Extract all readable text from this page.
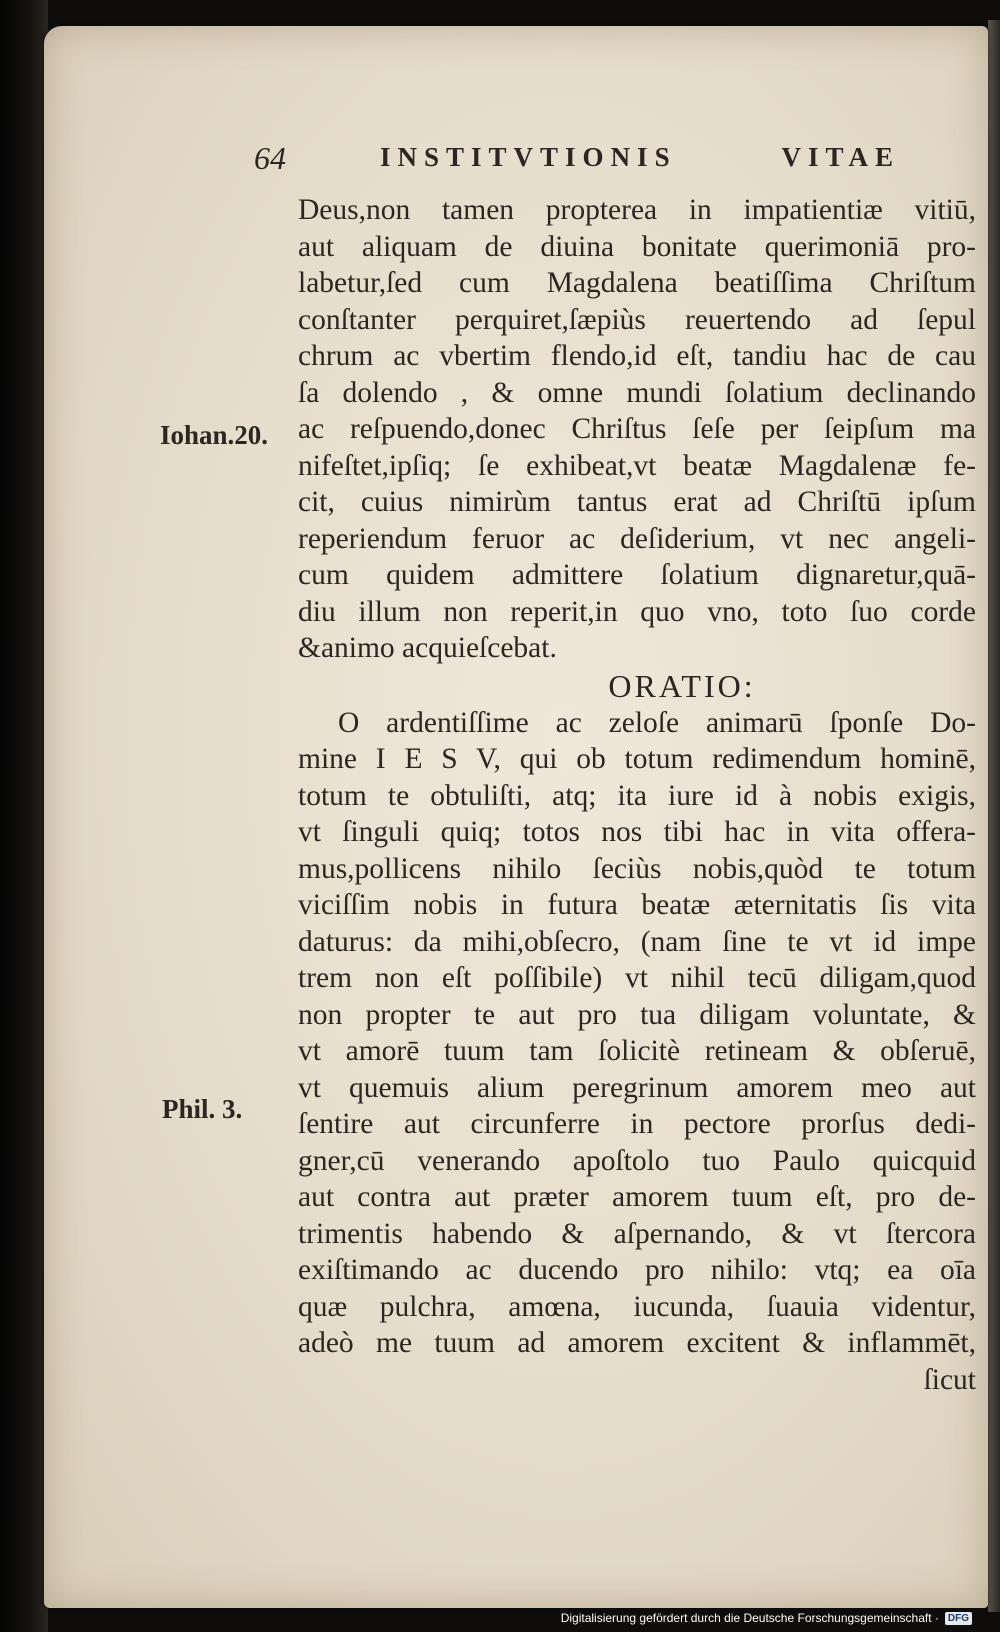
64	INSTITVTIONIS	VITAE
Iohan.20.
Phil. 3.
Deus,non tamen propterea in impatientiæ vitiū,
aut aliquam de diuina bonitate querimoniā pro-
labetur,ſed cum Magdalena beatiſſima Chriſtum
conſtanter perquiret,ſæpiùs reuertendo ad ſepul
chrum ac vbertim flendo,id eſt, tandiu hac de cau
ſa dolendo , & omne mundi ſolatium declinando
ac reſpuendo,donec Chriſtus ſeſe per ſeipſum ma
nifeſtet,ipſiq; ſe exhibeat,vt beatæ Magdalenæ fe-
cit, cuius nimirùm tantus erat ad Chriſtū ipſum
reperiendum feruor ac deſiderium, vt nec angeli-
cum quidem admittere ſolatium dignaretur,quā-
diu illum non reperit,in quo vno, toto ſuo corde
&animo acquieſcebat.
ORATIO:
O ardentiſſime ac zeloſe animarū ſponſe Do-
mine I E S V, qui ob totum redimendum hominē,
totum te obtuliſti, atq; ita iure id à nobis exigis,
vt ſinguli quiq; totos nos tibi hac in vita offera-
mus,pollicens nihilo ſeciùs nobis,quòd te totum
viciſſim nobis in futura beatæ æternitatis ſis vita
daturus: da mihi,obſecro, (nam ſine te vt id impe
trem non eſt poſſibile) vt nihil tecū diligam,quod
non propter te aut pro tua diligam voluntate, &
vt amorē tuum tam ſolicitè retineam & obſeruē,
vt quemuis alium peregrinum amorem meo aut
ſentire aut circunferre in pectore prorſus dedi-
gner,cū venerando apoſtolo tuo Paulo quicquid
aut contra aut præter amorem tuum eſt, pro de-
trimentis habendo & aſpernando, & vt ſtercora
exiſtimando ac ducendo pro nihilo: vtq; ea oīa
quæ pulchra, amœna, iucunda, ſuauia videntur,
adeò me tuum ad amorem excitent & inflammēt,
ſicut
Digitalisierung gefördert durch die Deutsche Forschungsgemeinschaft · DFG
